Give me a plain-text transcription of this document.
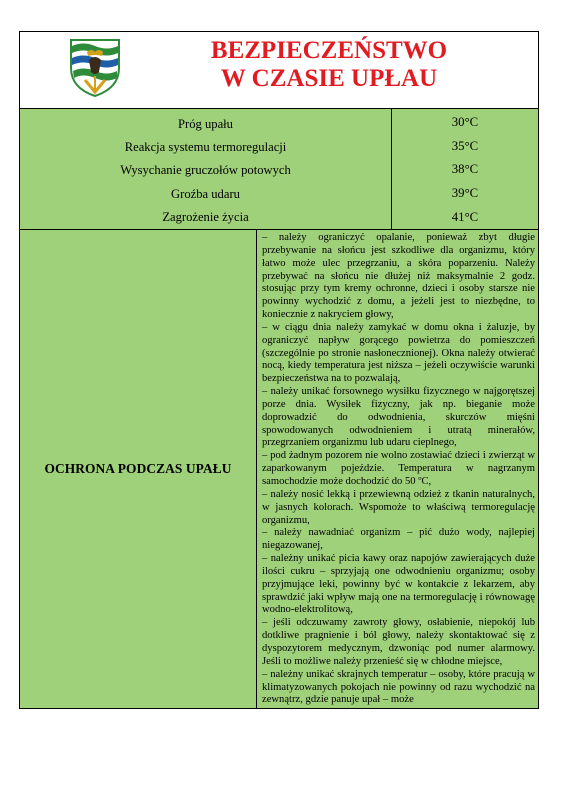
BEZPIECZEŃSTWO
W CZASIE UPŁAU
Próg upału
Reakcja systemu termoregulacji
Wysychanie gruczołów potowych
Groźba udaru
Zagrożenie życia
30°C
35°C
38°C
39°C
41°C
OCHRONA PODCZAS UPAŁU

– należy ograniczyć opalanie, ponieważ zbyt długie przebywanie na słońcu jest szkodliwe dla organizmu, który łatwo może ulec przegrzaniu, a skóra poparzeniu. Należy przebywać na słońcu nie dłużej niż maksymalnie 2 godz. stosując przy tym kremy ochronne, dzieci i osoby starsze nie powinny wychodzić z domu, a jeżeli jest to niezbędne, to koniecznie z nakryciem głowy,

– w ciągu dnia należy zamykać w domu okna i żaluzje, by ograniczyć napływ gorącego powietrza do pomieszczeń (szczególnie po stronie nasłonecznionej). Okna należy otwierać nocą, kiedy temperatura jest niższa – jeżeli oczywiście warunki bezpieczeństwa na to pozwalają,

– należy unikać forsownego wysiłku fizycznego w najgorętszej porze dnia. Wysiłek fizyczny, jak np. bieganie może doprowadzić do odwodnienia, skurczów mięśni spowodowanych odwodnieniem i utratą minerałów, przegrzaniem organizmu lub udaru cieplnego,

– pod żadnym pozorem nie wolno zostawiać dzieci i zwierząt w zaparkowanym pojeździe. Temperatura w nagrzanym samochodzie może dochodzić do 50 ºC,

– należy nosić lekką i przewiewną odzież z tkanin naturalnych, w jasnych kolorach. Wspomoże to właściwą termoregulację organizmu,

– należy nawadniać organizm – pić dużo wody, najlepiej niegazowanej,

– należny unikać picia kawy oraz napojów zawierających duże ilości cukru – sprzyjają one odwodnieniu organizmu; osoby przyjmujące leki, powinny być w kontakcie z lekarzem, aby sprawdzić jaki wpływ mają one na termoregulację i równowagę wodno-elektrolitową,

– jeśli odczuwamy zawroty głowy, osłabienie, niepokój lub dotkliwe pragnienie i ból głowy, należy skontaktować się z dyspozytorem medycznym, dzwoniąc pod numer alarmowy. Jeśli to możliwe należy przenieść się w chłodne miejsce,

– należny unikać skrajnych temperatur – osoby, które pracują w klimatyzowanych pokojach nie powinny od razu wychodzić na zewnątrz, gdzie panuje upał – może
